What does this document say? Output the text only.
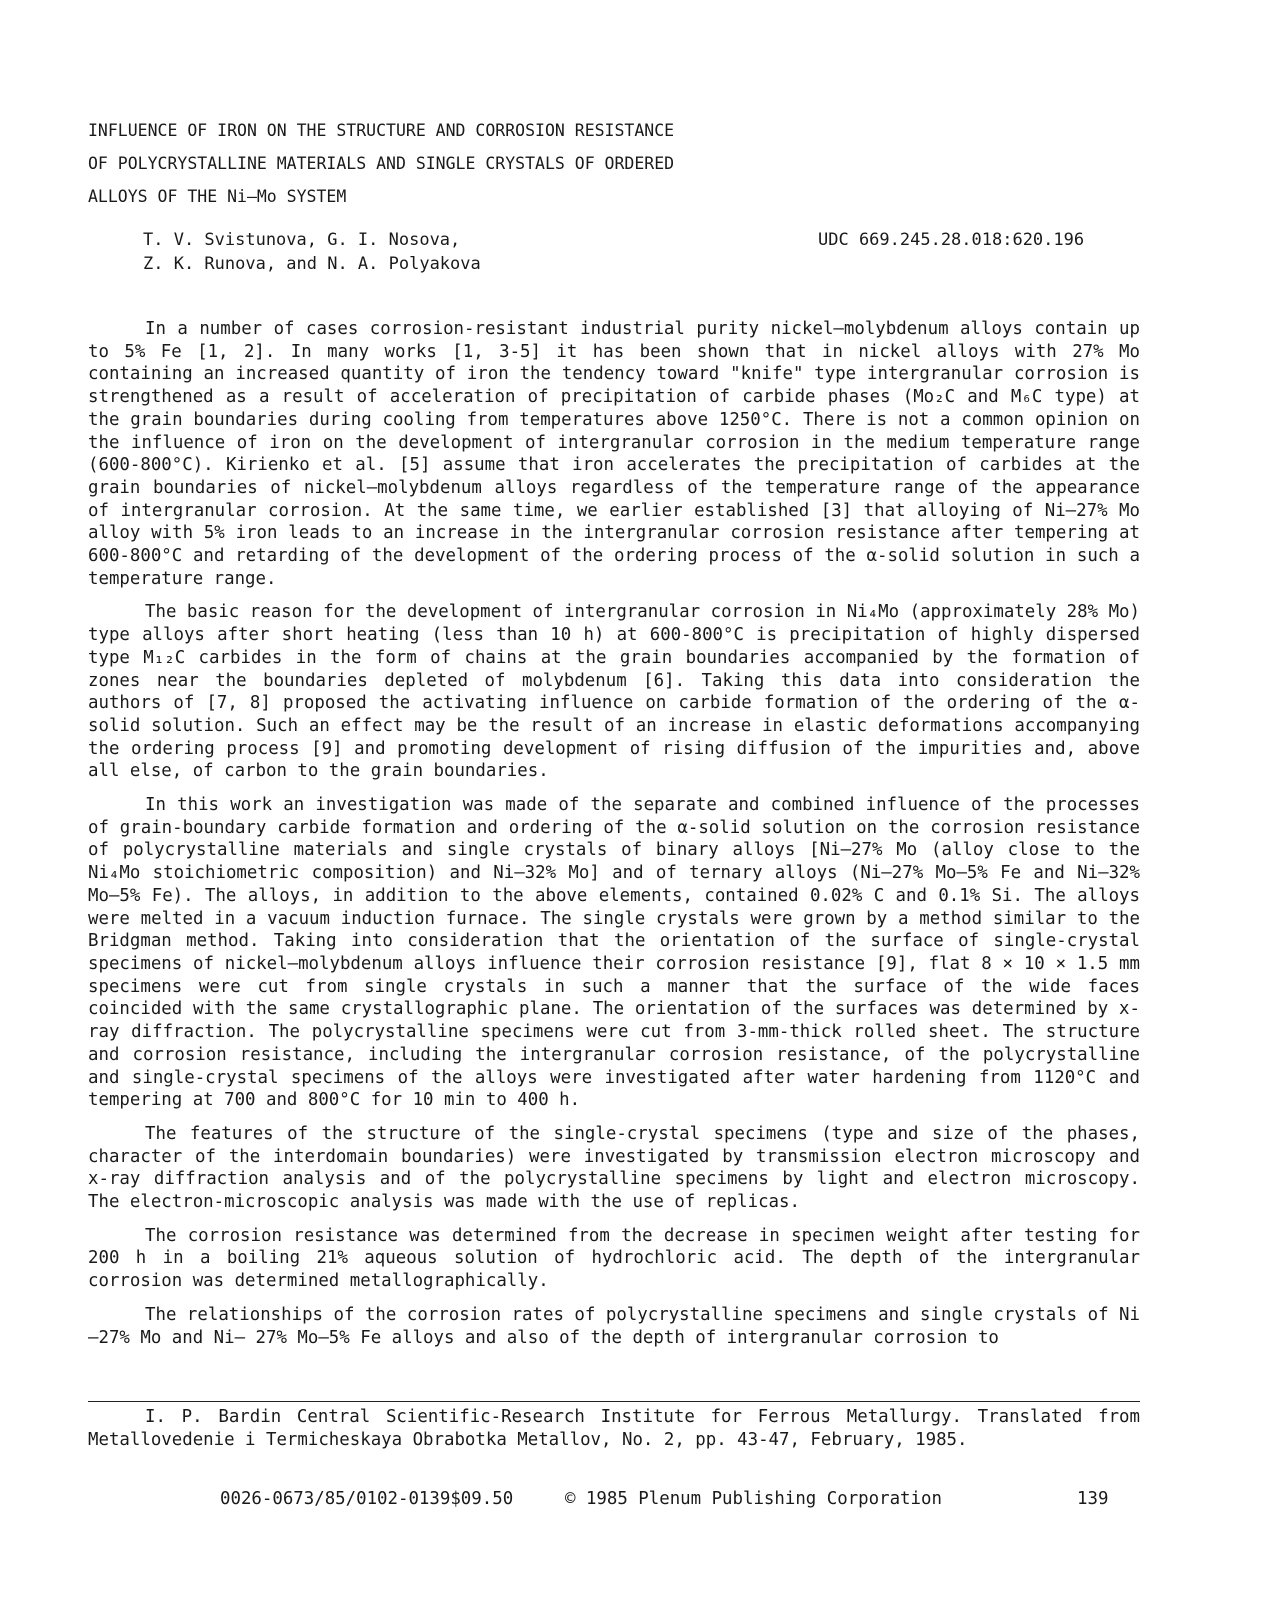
INFLUENCE OF IRON ON THE STRUCTURE AND CORROSION RESISTANCE
OF POLYCRYSTALLINE MATERIALS AND SINGLE CRYSTALS OF ORDERED
ALLOYS OF THE Ni—Mo SYSTEM
T. V. Svistunova, G. I. Nosova,
Z. K. Runova, and N. A. Polyakova
UDC 669.245.28.018:620.196

In a number of cases corrosion-resistant industrial purity nickel—molybdenum alloys contain up to 5% Fe [1, 2]. In many works [1, 3-5] it has been shown that in nickel alloys with 27% Mo containing an increased quantity of iron the tendency toward "knife" type intergranular corrosion is strengthened as a result of acceleration of precipitation of carbide phases (Mo₂C and M₆C type) at the grain boundaries during cooling from temperatures above 1250°C. There is not a common opinion on the influence of iron on the development of intergranular corrosion in the medium temperature range (600-800°C). Kirienko et al. [5] assume that iron accelerates the precipitation of carbides at the grain boundaries of nickel—molybdenum alloys regardless of the temperature range of the appearance of intergranular corrosion. At the same time, we earlier established [3] that alloying of Ni—27% Mo alloy with 5% iron leads to an increase in the intergranular corrosion resistance after tempering at 600-800°C and retarding of the development of the ordering process of the α-solid solution in such a temperature range.

The basic reason for the development of intergranular corrosion in Ni₄Mo (approximately 28% Mo) type alloys after short heating (less than 10 h) at 600-800°C is precipitation of highly dispersed type M₁₂C carbides in the form of chains at the grain boundaries accompanied by the formation of zones near the boundaries depleted of molybdenum [6]. Taking this data into consideration the authors of [7, 8] proposed the activating influence on carbide formation of the ordering of the α-solid solution. Such an effect may be the result of an increase in elastic deformations accompanying the ordering process [9] and promoting development of rising diffusion of the impurities and, above all else, of carbon to the grain boundaries.

In this work an investigation was made of the separate and combined influence of the processes of grain-boundary carbide formation and ordering of the α-solid solution on the corrosion resistance of polycrystalline materials and single crystals of binary alloys [Ni—27% Mo (alloy close to the Ni₄Mo stoichiometric composition) and Ni—32% Mo] and of ternary alloys (Ni—27% Mo—5% Fe and Ni—32% Mo—5% Fe). The alloys, in addition to the above elements, contained 0.02% C and 0.1% Si. The alloys were melted in a vacuum induction furnace. The single crystals were grown by a method similar to the Bridgman method. Taking into consideration that the orientation of the surface of single-crystal specimens of nickel—molybdenum alloys influence their corrosion resistance [9], flat 8 × 10 × 1.5 mm specimens were cut from single crystals in such a manner that the surface of the wide faces coincided with the same crystallographic plane. The orientation of the surfaces was determined by x-ray diffraction. The polycrystalline specimens were cut from 3-mm-thick rolled sheet. The structure and corrosion resistance, including the intergranular corrosion resistance, of the polycrystalline and single-crystal specimens of the alloys were investigated after water hardening from 1120°C and tempering at 700 and 800°C for 10 min to 400 h.

The features of the structure of the single-crystal specimens (type and size of the phases, character of the interdomain boundaries) were investigated by transmission electron microscopy and x-ray diffraction analysis and of the polycrystalline specimens by light and electron microscopy. The electron-microscopic analysis was made with the use of replicas.

The corrosion resistance was determined from the decrease in specimen weight after testing for 200 h in a boiling 21% aqueous solution of hydrochloric acid. The depth of the intergranular corrosion was determined metallographically.

The relationships of the corrosion rates of polycrystalline specimens and single crystals of Ni—27% Mo and Ni— 27% Mo—5% Fe alloys and also of the depth of intergranular corrosion to

I. P. Bardin Central Scientific-Research Institute for Ferrous Metallurgy. Translated from Metallovedenie i Termicheskaya Obrabotka Metallov, No. 2, pp. 43-47, February, 1985.

0026-0673/85/0102-0139$09.50	© 1985 Plenum Publishing Corporation	139
